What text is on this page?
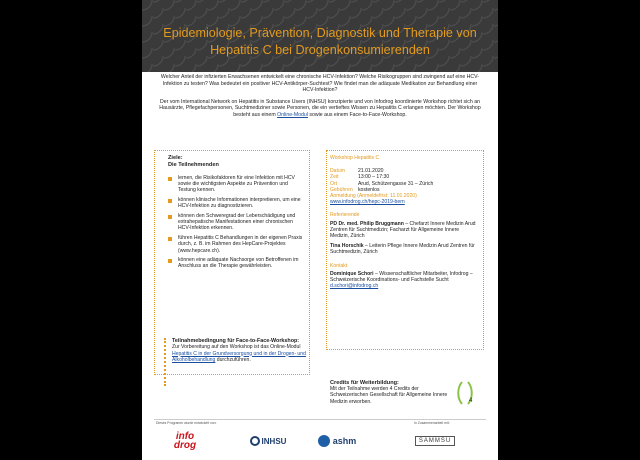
Epidemiologie, Prävention, Diagnostik und Therapie von Hepatitis C bei Drogenkonsumierenden

Welcher Anteil der infizierten Erwachsenen entwickelt eine chronische HCV-Infektion? Welche Risikogruppen sind zwingend auf eine HCV-Infektion zu testen? Was bedeutet ein positiver HCV-Antikörper-Suchtest? Wie findet man die adäquate Medikation zur Behandlung einer HCV-Infektion?

Der vom International Network on Hepatitis in Substance Users (INHSU) konzipierte und von Infodrog koordinierte Workshop richtet sich an Hausärzte, Pflegefachpersonen, Suchtmediziner sowie Personen, die ein vertieftes Wissen zu Hepatitis C erlangen möchten. Der Workshop besteht aus einem Online-Modul sowie aus einem Face-to-Face-Workshop.

Ziele:
Die Teilnehmenden
lernen, die Risikofaktoren für eine Infektion mit HCV sowie die wichtigsten Aspekte zu Prävention und Testung kennen.
können klinische Informationen interpretieren, um eine HCV-Infektion zu diagnostizieren.
können den Schweregrad der Leberschädigung und extrahepatische Manifestationen einer chronischen HCV-Infektion erkennen.
führen Hepatitis C Behandlungen in der eigenen Praxis durch, z. B. im Rahmen des HepCare-Projektes (www.hepcare.ch).
können eine adäquate Nachsorge von Betroffenen im Anschluss an die Therapie gewährleisten.
Teilnahmebedingung für Face-to-Face-Workshop:
Zur Vorbereitung auf den Workshop ist das Online-Modul Hepatitis C in der Grundversorgung und in der Drogen- und Alkoholbehandlung durchzuführen.
Workshop Hepatitis C
Datum	21.01.2020
Zeit	13:00 – 17:30
Ort	Arud, Schützengasse 31 – Zürich
Gebühren	kostenlos
Anmeldung (Anmeldefrist: 11.01.2020)
www.infodrog.ch/hepc-2019-bern
Referierende
PD Dr. med. Philip Bruggmann – Chefarzt Innere Medizin Arud Zentren für Suchtmedizin; Facharzt für Allgemeine Innere Medizin, Zürich
Tina Horschik – Leiterin Pflege Innere Medizin Arud Zentren für Suchtmedizin, Zürich
Kontakt
Dominique Schori – Wissenschaftlicher Mitarbeiter, Infodrog – Schweizerische Koordinations- und Fachstelle Sucht
d.schori@infodrog.ch
Credits für Weiterbildung:
Mit der Teilnahme werden 4 Credits der Schweizerischen Gesellschaft für Allgemeine Innere Medizin erworben.	4
Dieses Programm wurde entwickelt von:	In Zusammenarbeit mit:
info
drog	INHSU	ashm	SAMMSU
